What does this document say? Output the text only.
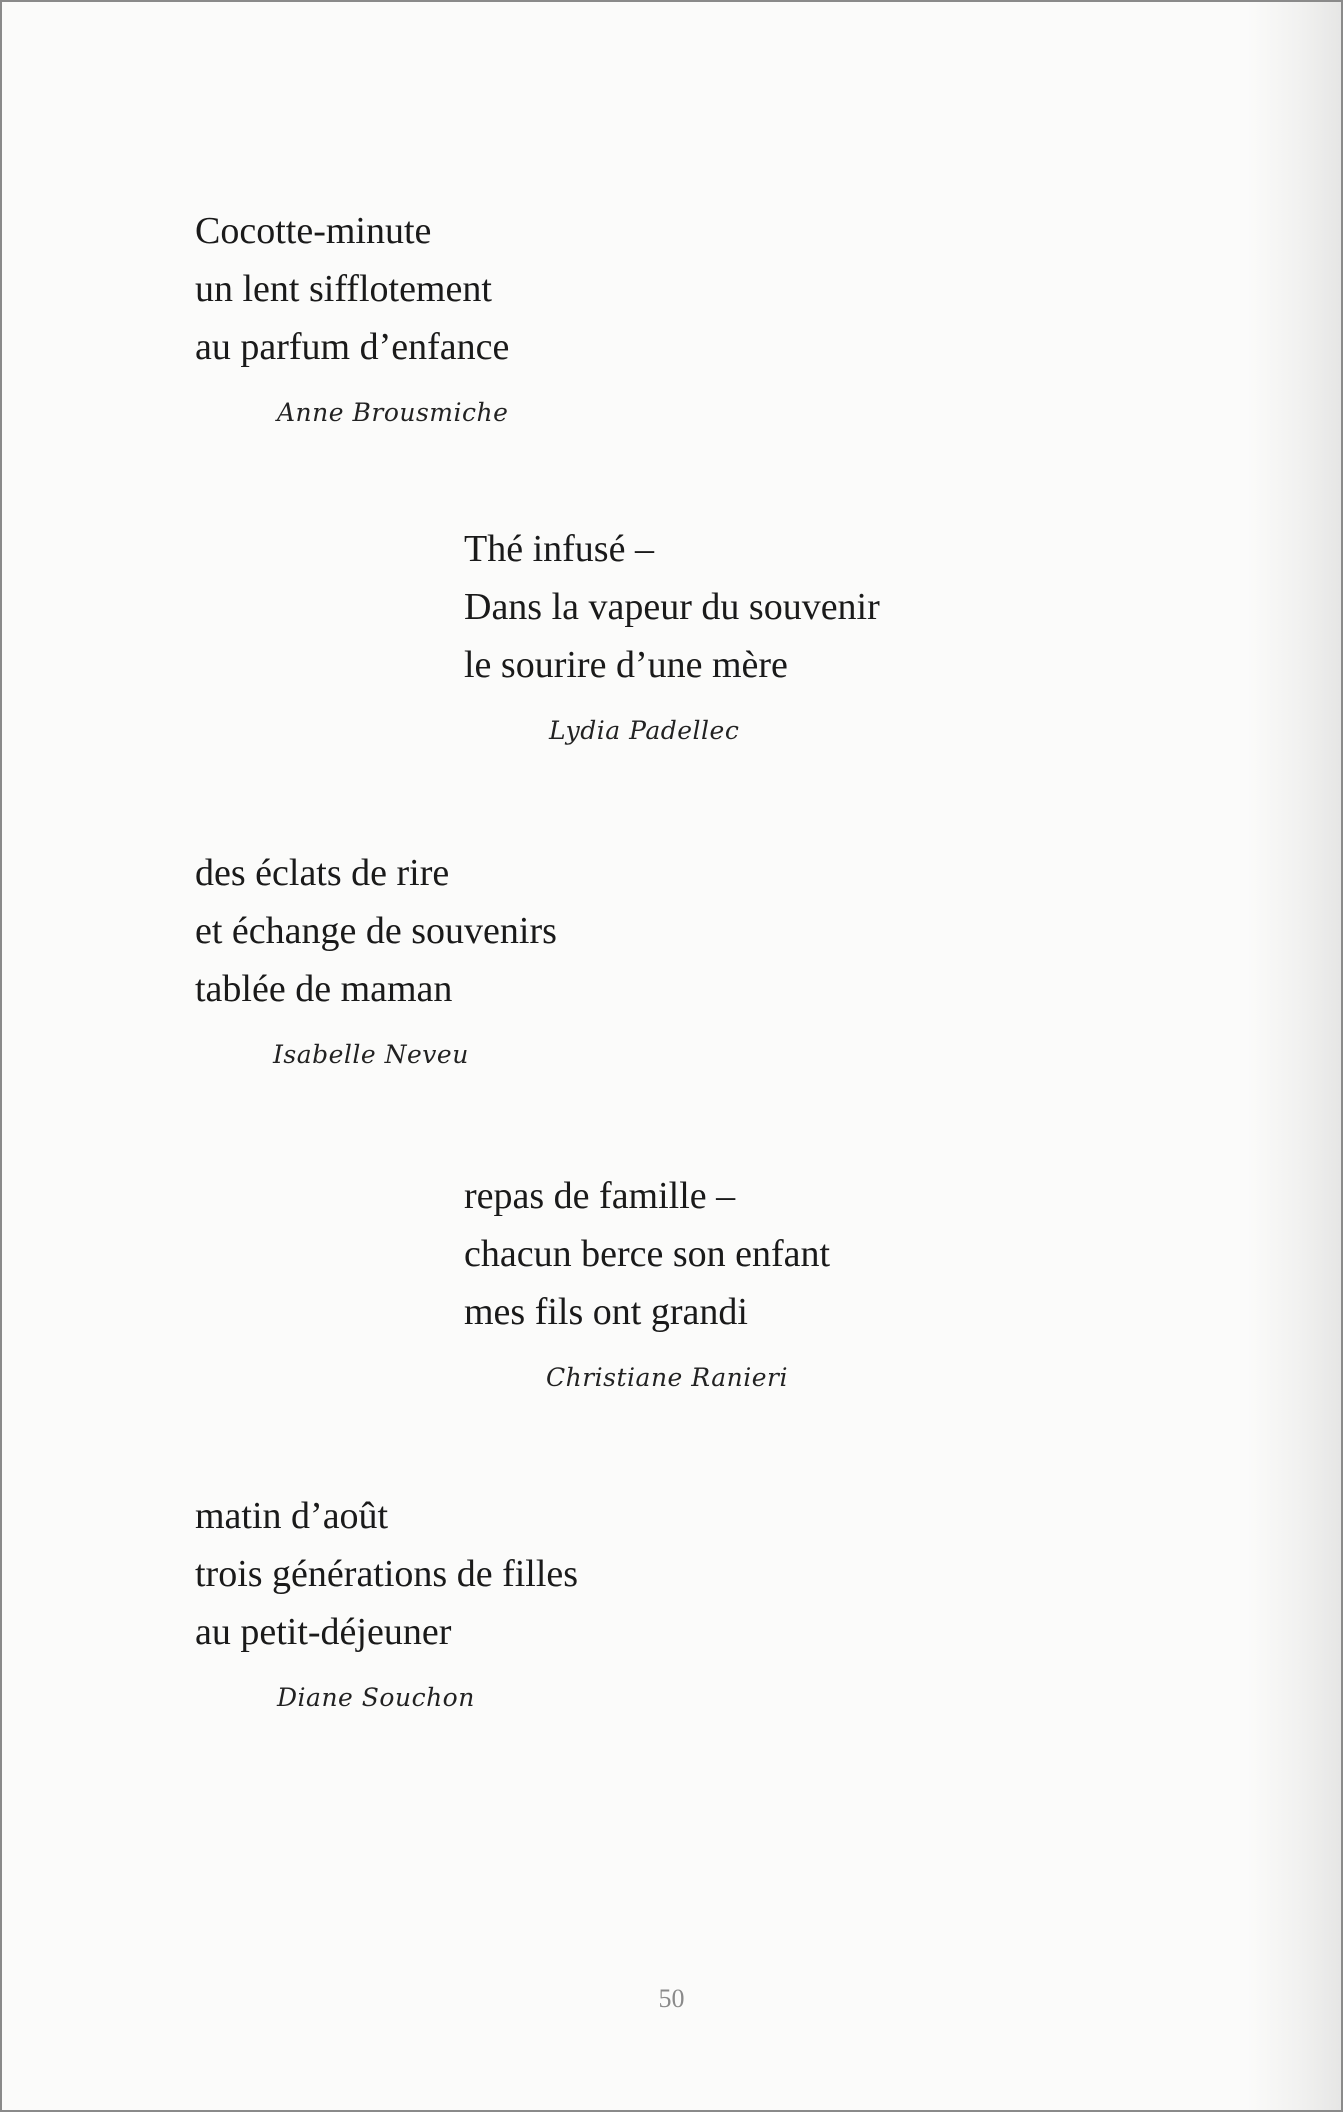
Cocotte-minute
un lent sifflotement
au parfum d’enfance
Anne Brousmiche
Thé infusé –
Dans la vapeur du souvenir
le sourire d’une mère
Lydia Padellec
des éclats de rire
et échange de souvenirs
tablée de maman
Isabelle Neveu
repas de famille –
chacun berce son enfant
mes fils ont grandi
Christiane Ranieri
matin d’août
trois générations de filles
au petit-déjeuner
Diane Souchon
50
